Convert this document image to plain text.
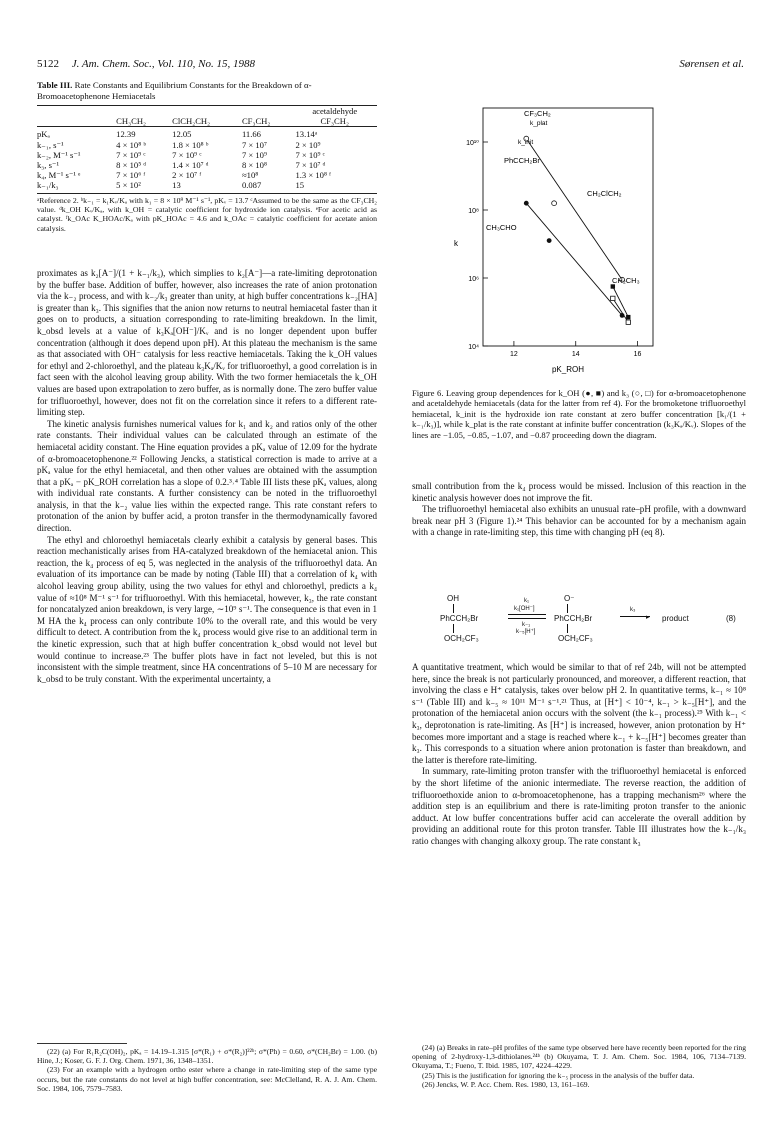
5122 J. Am. Chem. Soc., Vol. 110, No. 15, 1988	Sørensen et al.
Table III. Rate Constants and Equilibrium Constants for the Breakdown of α-Bromoacetophenone Hemiacetals
				acetaldehyde
	CH₃CH₂	ClCH₂CH₂	CF₃CH₂	CF₃CH₂

pKₐ	12.39	12.05	11.66	13.14ᵃ
k₋₁, s⁻¹	4 × 10⁸ ᵇ	1.8 × 10⁸ ᵇ	7 × 10⁷	2 × 10⁹
k₋₂, M⁻¹ s⁻¹	7 × 10⁹ ᶜ	7 × 10⁹ ᶜ	7 × 10⁹	7 × 10⁹ ᶜ
k₃, s⁻¹	8 × 10⁵ ᵈ	1.4 × 10⁷ ᵈ	8 × 10⁸	7 × 10⁷ ᵈ
k₄, M⁻¹ s⁻¹ ᵉ	7 × 10⁶ ᶠ	2 × 10⁷ ᶠ	≈10⁸	1.3 × 10⁸ ᶠ
k₋₁/k₃	5 × 10²	13	0.087	15
ᵃReference 2. ᵇk₋₁ = k₁Kᵥ/Kₐ with k₁ = 8 × 10⁹ M⁻¹ s⁻¹, pKᵥ = 13.7 ᶜAssumed to be the same as the CF₃CH₂ value. ᵈk_OH Kᵥ/Kₐ, with k_OH = catalytic coefficient for hydroxide ion catalysis. ᵉFor acetic acid as catalyst. ᶠk_OAc K_HOAc/Kₐ with pK_HOAc = 4.6 and k_OAc = catalytic coefficient for acetate anion catalysis.

proximates as k₂[A⁻]/(1 + k₋₁/k₃), which simplies to k₂[A⁻]—a rate-limiting deprotonation by the buffer base. Addition of buffer, however, also increases the rate of anion protonation via the k₋₂ process, and with k₋₂/k₃ greater than unity, at high buffer concentrations k₋₂[HA] is greater than k₃. This signifies that the anion now returns to neutral hemiacetal faster than it goes on to products, a situation corresponding to rate-limiting breakdown. In the limit, k_obsd levels at a value of k₃Kₐ[OH⁻]/Kᵥ and is no longer dependent upon buffer concentration (although it does depend upon pH). At this plateau the mechanism is the same as that associated with OH⁻ catalysis for less reactive hemiacetals. Taking the k_OH values for ethyl and 2-chloroethyl, and the plateau k₃Kₐ/Kᵥ for trifluoroethyl, a good correlation is in fact seen with the alcohol leaving group ability. With the two former hemiacetals the k_OH values are based upon extrapolation to zero buffer, as is normally done. The zero buffer value for trifluoroethyl, however, does not fit on the correlation since it refers to a different rate-limiting step.

The kinetic analysis furnishes numerical values for k₁ and k₂ and ratios only of the other rate constants. Their individual values can be calculated through an estimate of the hemiacetal acidity constant. The Hine equation provides a pKₐ value of 12.09 for the hydrate of α-bromoacetophenone.²² Following Jencks, a statistical correction is made to arrive at a pKₐ value for the ethyl hemiacetal, and then other values are obtained with the assumption that a pKₐ − pK_ROH correlation has a slope of 0.2.³˒⁴ Table III lists these pKₐ values, along with individual rate constants. A further consistency can be noted in the trifluoroethyl analysis, in that the k₋₂ value lies within the expected range. This rate constant refers to protonation of the anion by buffer acid, a proton transfer in the thermodynamically favored direction.

The ethyl and chloroethyl hemiacetals clearly exhibit a catalysis by general bases. This reaction mechanistically arises from HA-catalyzed breakdown of the hemiacetal anion. This reaction, the k₄ process of eq 5, was neglected in the analysis of the trifluoroethyl data. An evaluation of its importance can be made by noting (Table III) that a correlation of k₄ with alcohol leaving group ability, using the two values for ethyl and chloroethyl, predicts a k₄ value of ≈10⁸ M⁻¹ s⁻¹ for trifluoroethyl. With this hemiacetal, however, k₃, the rate constant for noncatalyzed anion breakdown, is very large, ∼10⁹ s⁻¹. The consequence is that even in 1 M HA the k₄ process can only contribute 10% to the overall rate, and this would be very difficult to detect. A contribution from the k₄ process would give rise to an additional term in the kinetic expression, such that at high buffer concentration k_obsd would not level but would continue to increase.²³ The buffer plots have in fact not leveled, but this is not inconsistent with the simple treatment, since HA concentrations of 5–10 M are necessary for k_obsd to be truly constant. With the experimental uncertainty, a

(22) (a) For R₁R₂C(OH)₂, pKₐ = 14.19–1.315 [σ*(R₁) + σ*(R₂)]²²ᵇ; σ*(Ph) = 0.60, σ*(CH₂Br) = 1.00. (b) Hine, J.; Koser, G. F. J. Org. Chem. 1971, 36, 1348–1351.

(23) For an example with a hydrogen ortho ester where a change in rate-limiting step of the same type occurs, but the rate constants do not level at high buffer concentration, see: McClelland, R. A. J. Am. Chem. Soc. 1984, 106, 7579–7583.

10¹⁰
10⁸
10⁶
10⁴
12	14	16
k
pK_ROH
CF₃CH₂
k_plat
k_init
PhCCH₂Br
CH₂ClCH₂
CH₃CHO
CH₂CH₃
Figure 6. Leaving group dependences for k_OH (●, ■) and k₃ (○, □) for α-bromoacetophenone and acetaldehyde hemiacetals (data for the latter from ref 4). For the bromoketone trifluoroethyl hemiacetal, k_init is the hydroxide ion rate constant at zero buffer concentration [k₁/(1 + k₋₁/k₃)], while k_plat is the rate constant at infinite buffer concentration (k₃Kₐ/Kᵥ). Slopes of the lines are −1.05, −0.85, −1.07, and −0.87 proceeding down the diagram.

small contribution from the k₄ process would be missed. Inclusion of this reaction in the kinetic analysis however does not improve the fit.

The trifluoroethyl hemiacetal also exhibits an unusual rate–pH profile, with a downward break near pH 3 (Figure 1).²⁴ This behavior can be accounted for by a mechanism again with a change in rate-limiting step, this time with changing pH (eq 8).

OH
PhCCH₂Br
OCH₂CF₃
k₁
k₁[OH⁻]
k₋₁
k₋₅[H⁺]
O⁻
PhCCH₂Br
OCH₂CF₃
k₃
▸ product	(8)

A quantitative treatment, which would be similar to that of ref 24b, will not be attempted here, since the break is not particularly pronounced, and moreover, a different reaction, that involving the class e H⁺ catalysis, takes over below pH 2. In quantitative terms, k₋₁ ≈ 10⁸ s⁻¹ (Table III) and k₋₅ ≈ 10¹¹ M⁻¹ s⁻¹.²¹ Thus, at [H⁺] < 10⁻⁴, k₋₁ > k₋₅[H⁺], and the protonation of the hemiacetal anion occurs with the solvent (the k₋₁ process).²⁵ With k₋₁ < k₃, deprotonation is rate-limiting. As [H⁺] is increased, however, anion protonation by H⁺ becomes more important and a stage is reached where k₋₁ + k₋₅[H⁺] becomes greater than k₃. This corresponds to a situation where anion protonation is faster than breakdown, and the latter is therefore rate-limiting.

In summary, rate-limiting proton transfer with the trifluoroethyl hemiacetal is enforced by the short lifetime of the anionic intermediate. The reverse reaction, the addition of trifluoroethoxide anion to α-bromoacetophenone, has a trapping mechanism²⁶ where the addition step is an equilibrium and there is rate-limiting proton transfer to the anionic adduct. At low buffer concentrations buffer acid can accelerate the overall addition by providing an additional route for this proton transfer. Table III illustrates how the k₋₁/k₃ ratio changes with changing alkoxy group. The rate constant k₃

(24) (a) Breaks in rate–pH profiles of the same type observed here have recently been reported for the ring opening of 2-hydroxy-1,3-dithiolanes.²⁴ᵇ (b) Okuyama, T. J. Am. Chem. Soc. 1984, 106, 7134–7139. Okuyama, T.; Fueno, T. Ibid. 1985, 107, 4224–4229.

(25) This is the justification for ignoring the k₋₅ process in the analysis of the buffer data.

(26) Jencks, W. P. Acc. Chem. Res. 1980, 13, 161–169.
